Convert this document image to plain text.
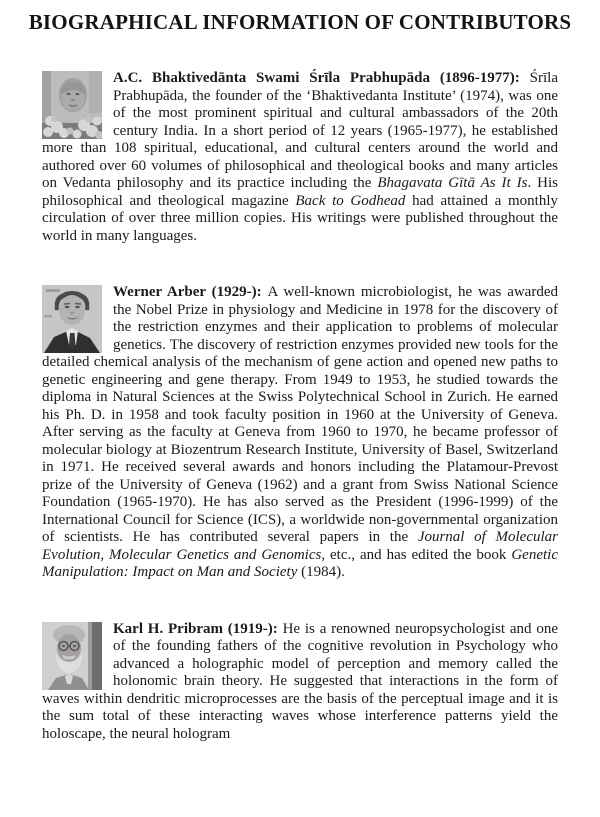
BIOGRAPHICAL INFORMATION OF CONTRIBUTORS

A.C. Bhaktivedānta Swami Śrīla Prabhupāda (1896-1977): Śrīla Prabhupāda, the founder of the ‘Bhaktivedanta Institute’ (1974), was one of the most prominent spiritual and cultural ambassadors of the 20th century India. In a short period of 12 years (1965-1977), he established more than 108 spiritual, educational, and cultural centers around the world and authored over 60 volumes of philosophical and theological books and many articles on Vedanta philosophy and its practice including the Bhagavata Gītā As It Is. His philosophical and theological magazine Back to Godhead had attained a monthly circulation of over three million copies. His writings were published throughout the world in many languages.

Werner Arber (1929-): A well-known microbiologist, he was awarded the Nobel Prize in physiology and Medicine in 1978 for the discovery of the restriction enzymes and their application to problems of molecular genetics. The discovery of restriction enzymes provided new tools for the detailed chemical analysis of the mechanism of gene action and opened new paths to genetic engineering and gene therapy. From 1949 to 1953, he studied towards the diploma in Natural Sciences at the Swiss Polytechnical School in Zurich. He earned his Ph. D. in 1958 and took faculty position in 1960 at the University of Geneva. After serving as the faculty at Geneva from 1960 to 1970, he became professor of molecular biology at Biozentrum Research Institute, University of Basel, Switzerland in 1971. He received several awards and honors including the Platamour-Prevost prize of the University of Geneva (1962) and a grant from Swiss National Science Foundation (1965-1970). He has also served as the President (1996-1999) of the International Council for Science (ICS), a worldwide non-governmental organization of scientists. He has contributed several papers in the Journal of Molecular Evolution, Molecular Genetics and Genomics, etc., and has edited the book Genetic Manipulation: Impact on Man and Society (1984).

Karl H. Pribram (1919-): He is a renowned neuropsychologist and one of the founding fathers of the cognitive revolution in Psychology who advanced a holographic model of perception and memory called the holonomic brain theory. He suggested that interactions in the form of waves within dendritic microprocesses are the basis of the perceptual image and it is the sum total of these interacting waves whose interference patterns yield the holoscape, the neural hologram
